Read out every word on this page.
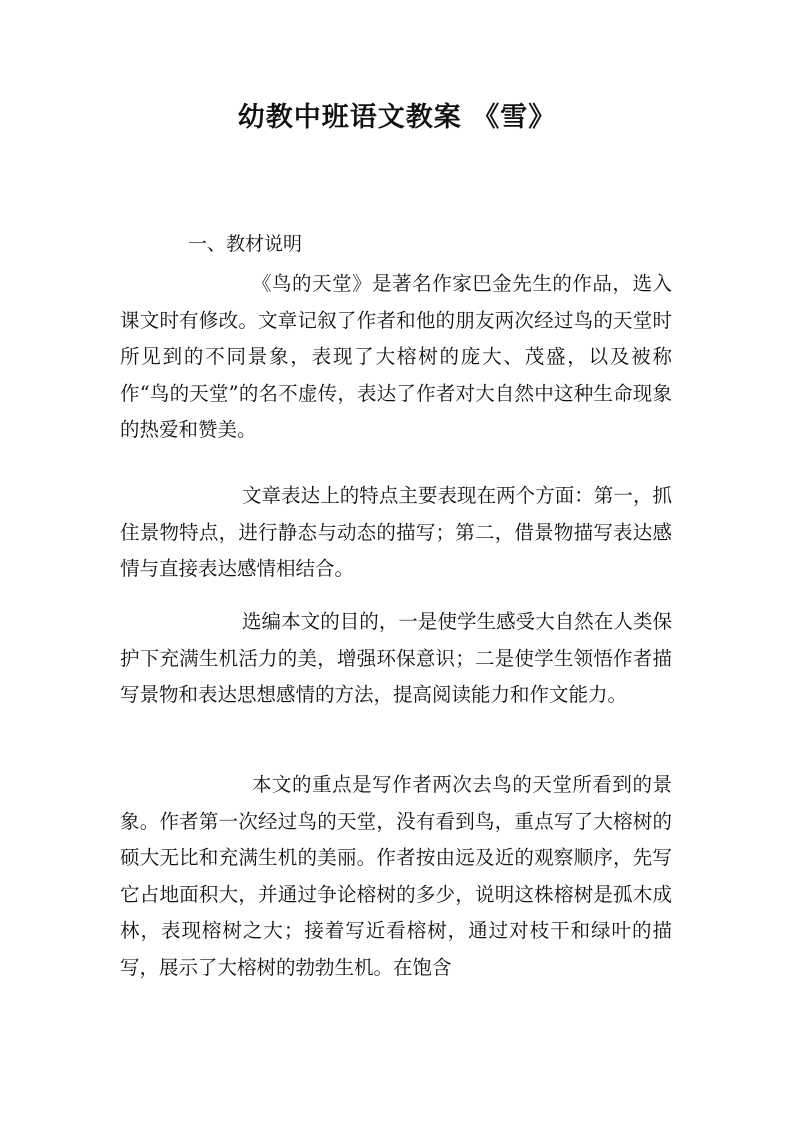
幼教中班语文教案 《雪》

一、教材说明

《鸟的天堂》是著名作家巴金先生的作品，选入课文时有修改。文章记叙了作者和他的朋友两次经过鸟的天堂时所见到的不同景象，表现了大榕树的庞大、茂盛，以及被称作“鸟的天堂”的名不虚传，表达了作者对大自然中这种生命现象的热爱和赞美。

文章表达上的特点主要表现在两个方面：第一，抓住景物特点，进行静态与动态的描写；第二，借景物描写表达感情与直接表达感情相结合。

选编本文的目的，一是使学生感受大自然在人类保护下充满生机活力的美，增强环保意识；二是使学生领悟作者描写景物和表达思想感情的方法，提高阅读能力和作文能力。

本文的重点是写作者两次去鸟的天堂所看到的景象。作者第一次经过鸟的天堂，没有看到鸟，重点写了大榕树的硕大无比和充满生机的美丽。作者按由远及近的观察顺序，先写它占地面积大，并通过争论榕树的多少，说明这株榕树是孤木成林，表现榕树之大；接着写近看榕树，通过对枝干和绿叶的描写，展示了大榕树的勃勃生机。在饱含
